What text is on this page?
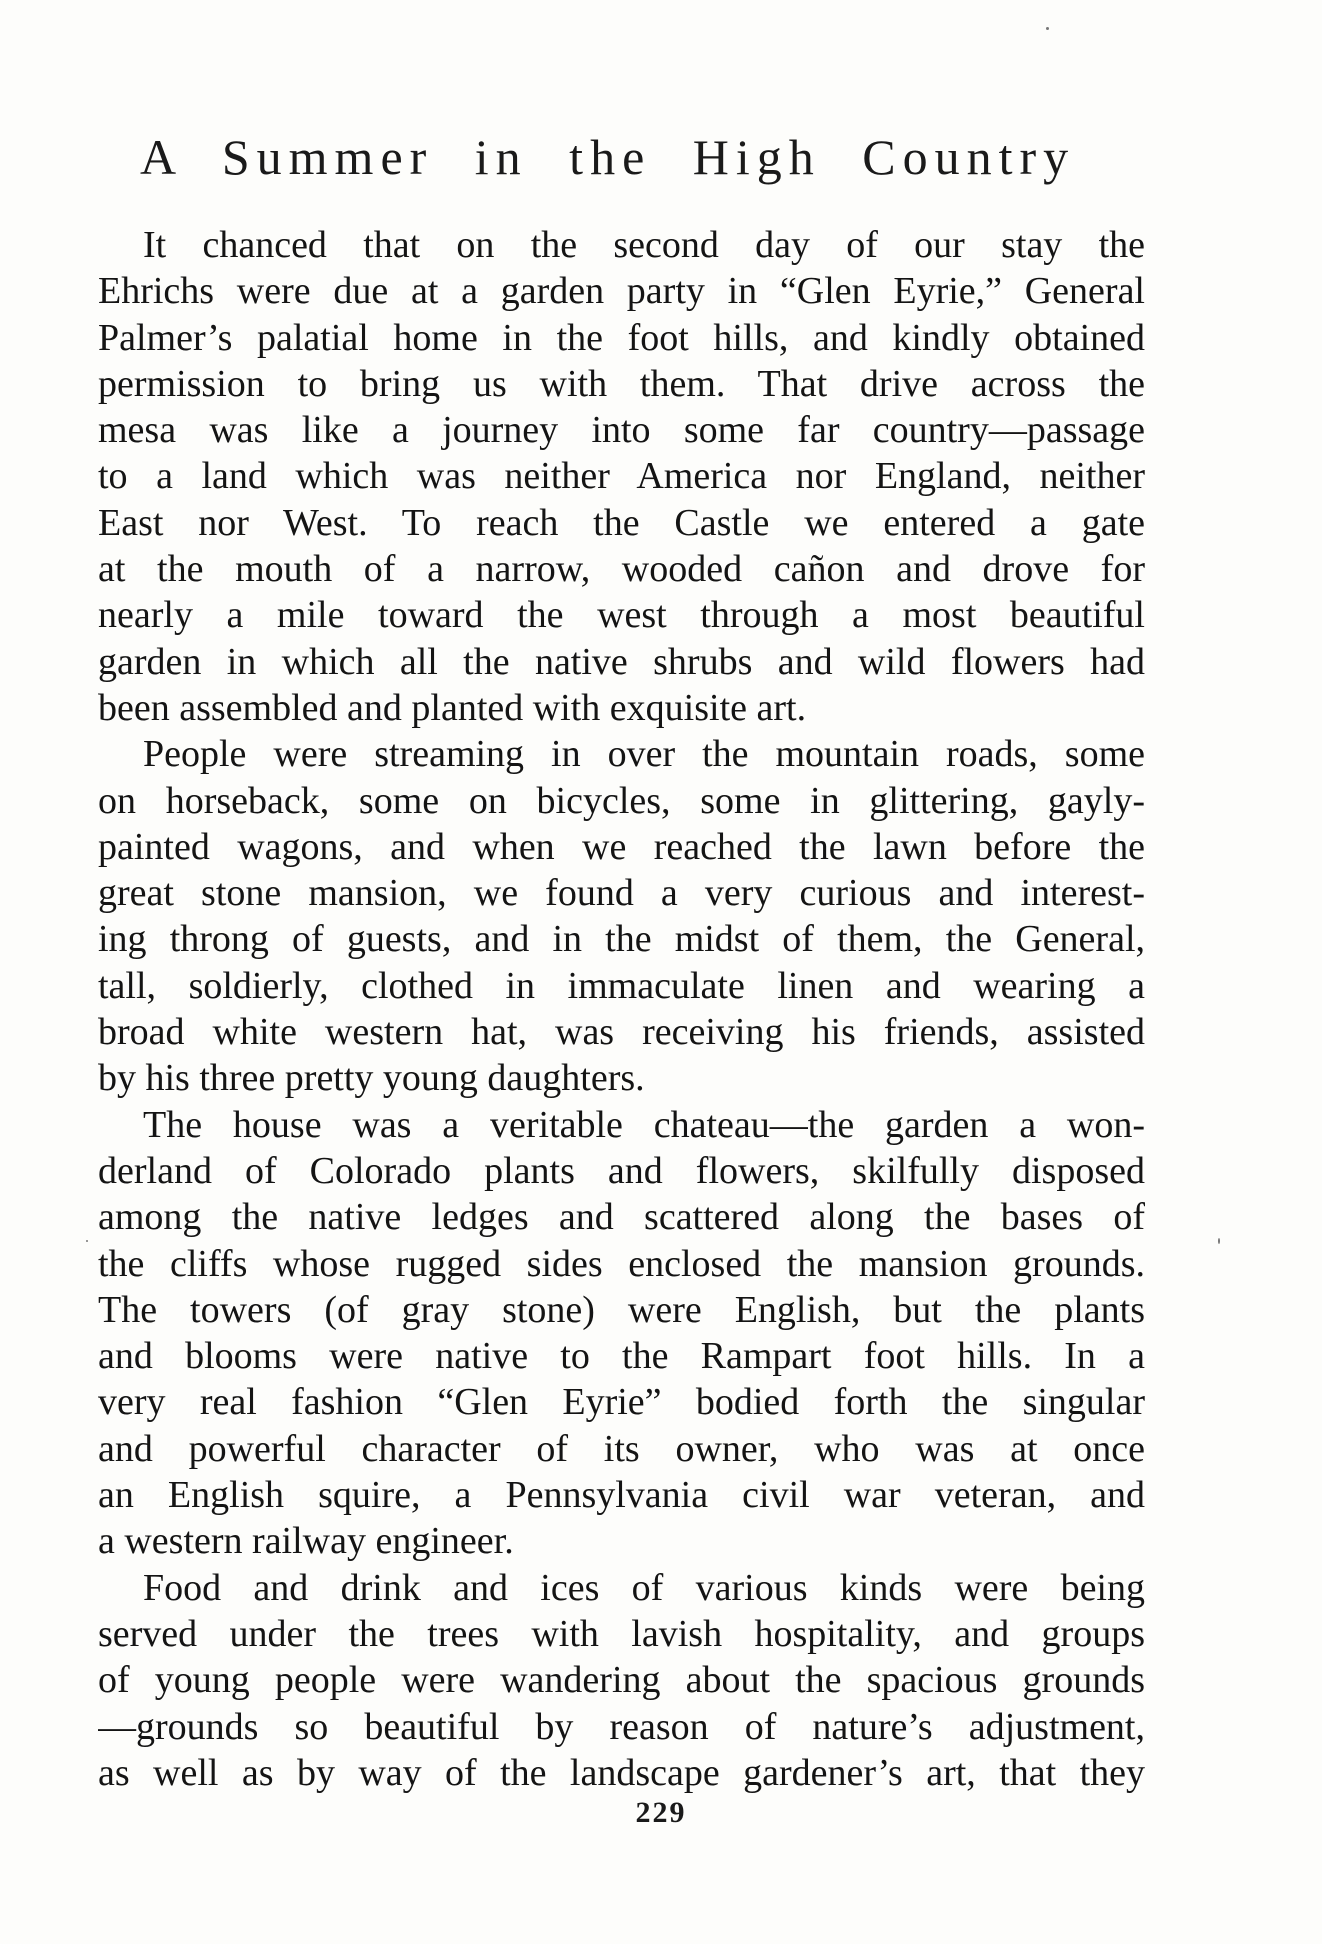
A Summer in the High Country
It chanced that on the second day of our stay the
Ehrichs were due at a garden party in “Glen Eyrie,” General
Palmer’s palatial home in the foot hills, and kindly obtained
permission to bring us with them. That drive across the
mesa was like a journey into some far country—passage
to a land which was neither America nor England, neither
East nor West. To reach the Castle we entered a gate
at the mouth of a narrow, wooded cañon and drove for
nearly a mile toward the west through a most beautiful
garden in which all the native shrubs and wild flowers had
been assembled and planted with exquisite art.
People were streaming in over the mountain roads, some
on horseback, some on bicycles, some in glittering, gayly-
painted wagons, and when we reached the lawn before the
great stone mansion, we found a very curious and interest-
ing throng of guests, and in the midst of them, the General,
tall, soldierly, clothed in immaculate linen and wearing a
broad white western hat, was receiving his friends, assisted
by his three pretty young daughters.
The house was a veritable chateau—the garden a won-
derland of Colorado plants and flowers, skilfully disposed
among the native ledges and scattered along the bases of
the cliffs whose rugged sides enclosed the mansion grounds.
The towers (of gray stone) were English, but the plants
and blooms were native to the Rampart foot hills. In a
very real fashion “Glen Eyrie” bodied forth the singular
and powerful character of its owner, who was at once
an English squire, a Pennsylvania civil war veteran, and
a western railway engineer.
Food and drink and ices of various kinds were being
served under the trees with lavish hospitality, and groups
of young people were wandering about the spacious grounds
—grounds so beautiful by reason of nature’s adjustment,
as well as by way of the landscape gardener’s art, that they
229
